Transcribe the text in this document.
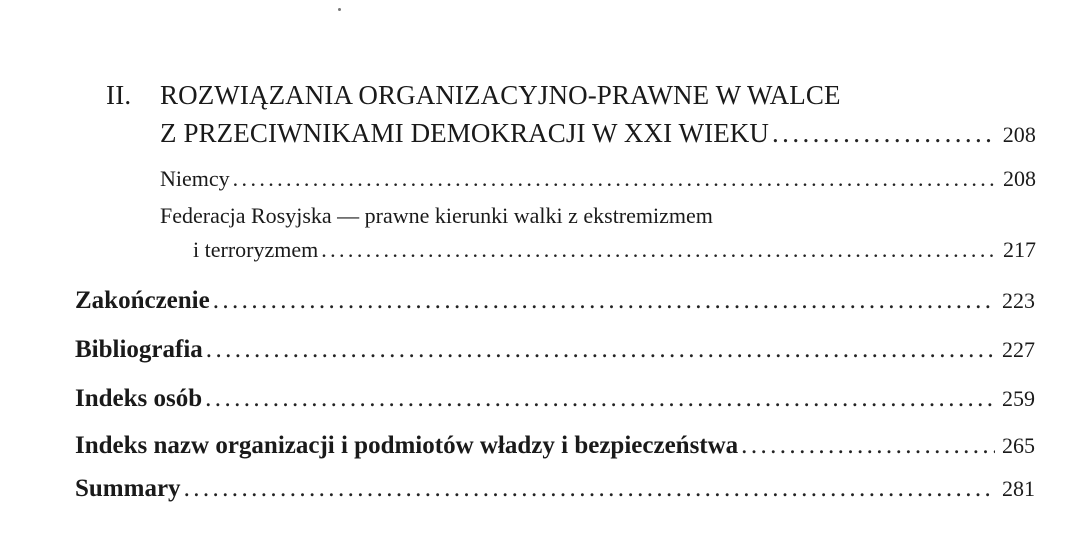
II. ROZWIĄZANIA ORGANIZACYJNO-PRAWNE W WALCE
Z PRZECIWNIKAMI DEMOKRACJI W XXI WIEKU .....	208
Niemcy .....	208
Federacja Rosyjska — prawne kierunki walki z ekstremizmem
i terroryzmem .....	217
Zakończenie .....	223
Bibliografia .....	227
Indeks osób .....	259
Indeks nazw organizacji i podmiotów władzy i bezpieczeństwa .....	265
Summary .....	281
